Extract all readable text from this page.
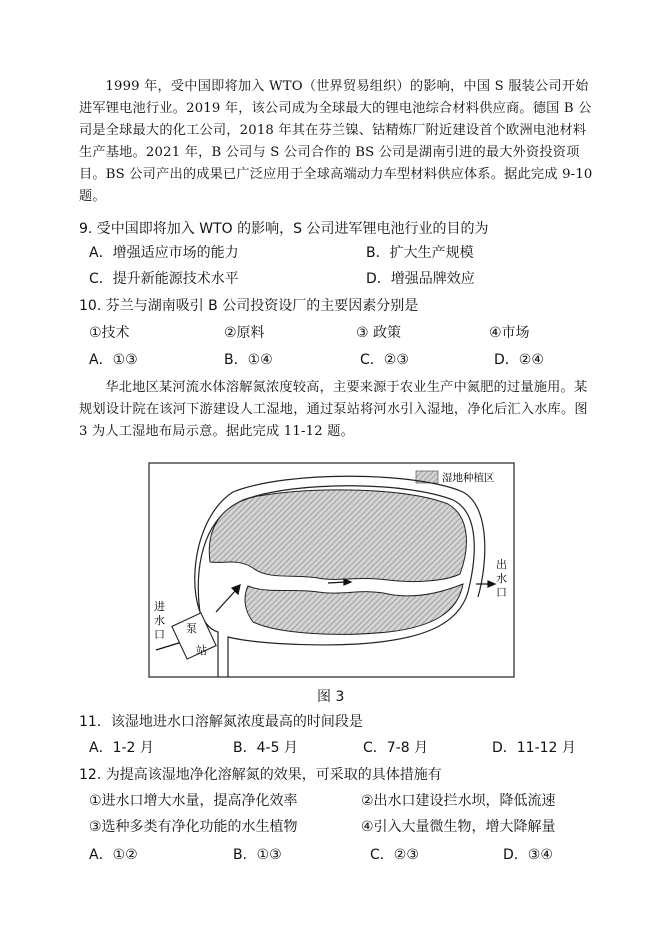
1999 年，受中国即将加入 WTO（世界贸易组织）的影响，中国 S 服装公司开始进军锂电池行业。2019 年，该公司成为全球最大的锂电池综合材料供应商。德国 B 公司是全球最大的化工公司，2018 年其在芬兰镍、钴精炼厂附近建设首个欧洲电池材料生产基地。2021 年，B 公司与 S 公司合作的 BS 公司是湖南引进的最大外资投资项目。BS 公司产出的成果已广泛应用于全球高端动力车型材料供应体系。据此完成 9-10 题。

9. 受中国即将加入 WTO 的影响，S 公司进军锂电池行业的目的为
A．增强适应市场的能力	B．扩大生产规模
C．提升新能源技术水平	D．增强品牌效应
10. 芬兰与湖南吸引 B 公司投资设厂的主要因素分别是
①技术	②原料	③ 政策	④市场
A．①③	B．①④	C．②③	D．②④

华北地区某河流水体溶解氮浓度较高，主要来源于农业生产中氮肥的过量施用。某规划设计院在该河下游建设人工湿地，通过泵站将河水引入湿地，净化后汇入水库。图 3 为人工湿地布局示意。据此完成 11-12 题。

湿地种植区
泵
站
进
水
口
出
水
口
图 3
11．该湿地进水口溶解氮浓度最高的时间段是
A．1-2 月	B．4-5 月	C．7-8 月	D．11-12 月
12. 为提高该湿地净化溶解氮的效果，可采取的具体措施有
①进水口增大水量，提高净化效率	②出水口建设拦水坝，降低流速
③选种多类有净化功能的水生植物	④引入大量微生物，增大降解量
A．①②	B．①③	C．②③	D．③④
